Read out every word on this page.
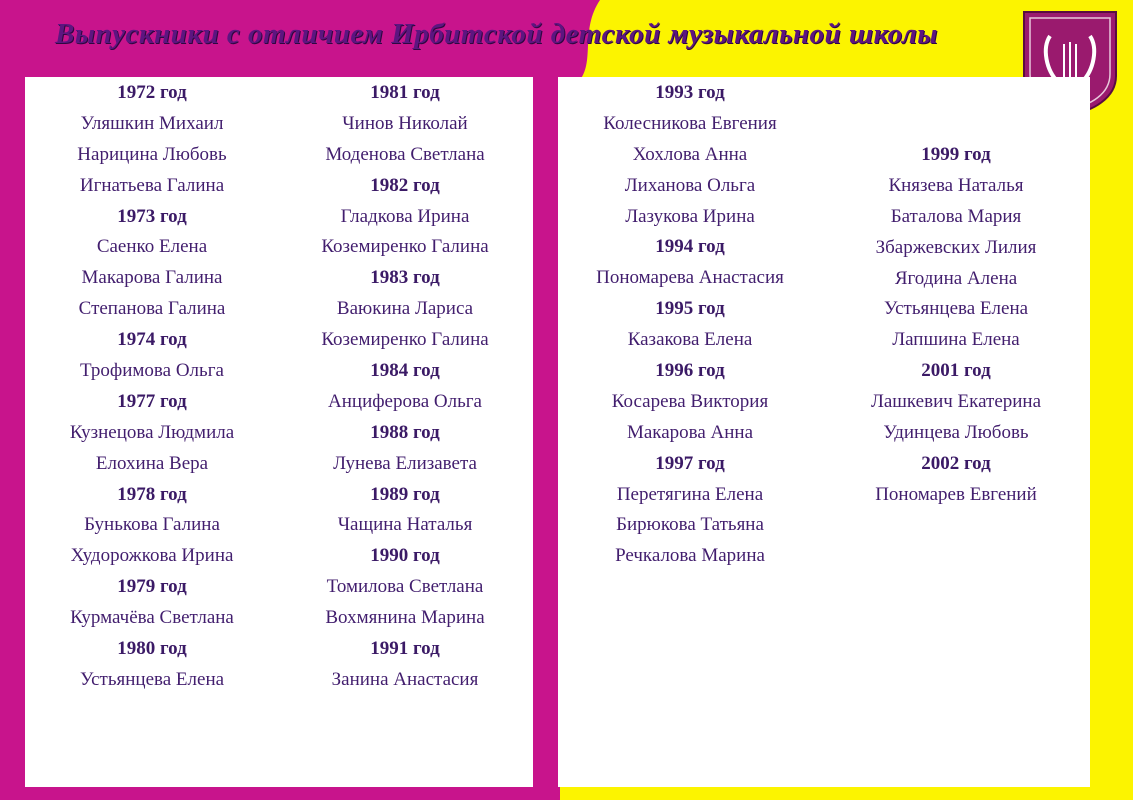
Выпускники с отличием Ирбитской детской музыкальной школы
1972 год
Уляшкин Михаил
Нарицина Любовь
Игнатьева Галина
1973 год
Саенко Елена
Макарова Галина
Степанова Галина
1974 год
Трофимова Ольга
1977 год
Кузнецова Людмила
Елохина Вера
1978 год
Бунькова Галина
Худорожкова Ирина
1979 год
Курмачёва Светлана
1980 год
Устьянцева Елена
1981 год
Чинов Николай
Моденова Светлана
1982 год
Гладкова Ирина
Коземиренко Галина
1983 год
Ваюкина Лариса
Коземиренко Галина
1984 год
Анциферова Ольга
1988 год
Лунева Елизавета
1989 год
Чащина Наталья
1990 год
Томилова Светлана
Вохмянина Марина
1991 год
Занина Анастасия
1993 год
Колесникова Евгения
Хохлова Анна
Лиханова Ольга
Лазукова Ирина
1994 год
Пономарева Анастасия
1995 год
Казакова Елена
1996 год
Косарева Виктория
Макарова Анна
1997 год
Перетягина Елена
Бирюкова Татьяна
Речкалова Марина
1999 год
Князева Наталья
Баталова Мария
Збаржевских Лилия
Ягодина Алена
Устьянцева Елена
Лапшина Елена
2001 год
Лашкевич Екатерина
Удинцева Любовь
2002 год
Пономарев Евгений
